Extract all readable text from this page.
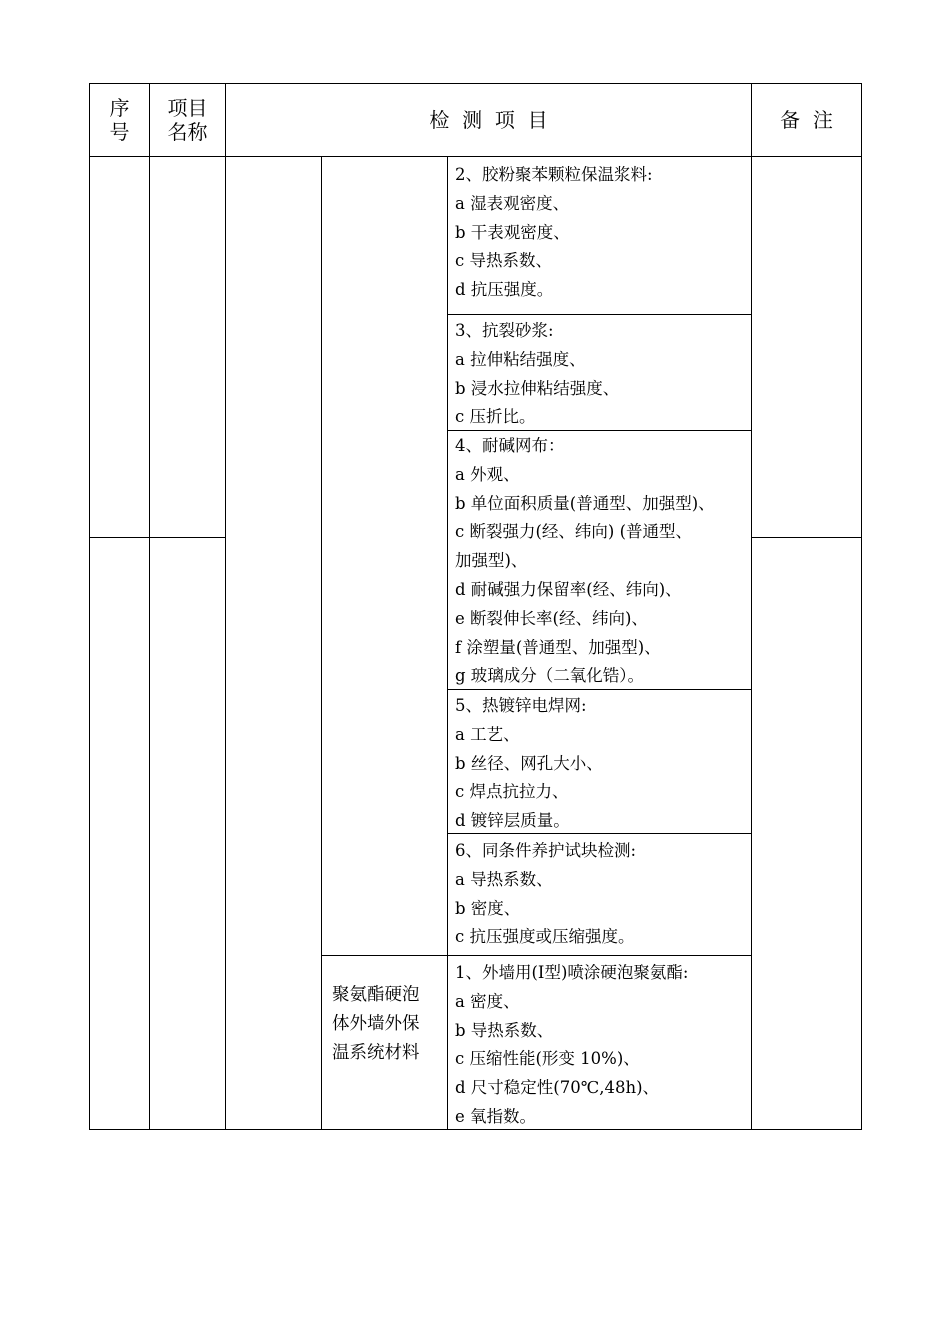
序
号
项目
名称	检  测  项  目	备  注
聚氨酯硬泡
体外墙外保
温系统材料
2、胶粉聚苯颗粒保温浆料:
a 湿表观密度、
b 干表观密度、
c 导热系数、
d 抗压强度。
3、抗裂砂浆:
a 拉伸粘结强度、
b 浸水拉伸粘结强度、
c 压折比。
4、耐碱网布：
a 外观、
b 单位面积质量(普通型、加强型)、
c 断裂强力(经、纬向) (普通型、
加强型)、
d 耐碱强力保留率(经、纬向)、
e 断裂伸长率(经、纬向)、
f 涂塑量(普通型、加强型)、
g 玻璃成分（二氧化锆）。
5、热镀锌电焊网:
a 工艺、
b 丝径、网孔大小、
c 焊点抗拉力、
d 镀锌层质量。
6、同条件养护试块检测:
a 导热系数、
b 密度、
c 抗压强度或压缩强度。
1、外墙用(Ⅰ型)喷涂硬泡聚氨酯:
a 密度、
b 导热系数、
c 压缩性能(形变 10%)、
d 尺寸稳定性(70℃,48h)、
e 氧指数。
